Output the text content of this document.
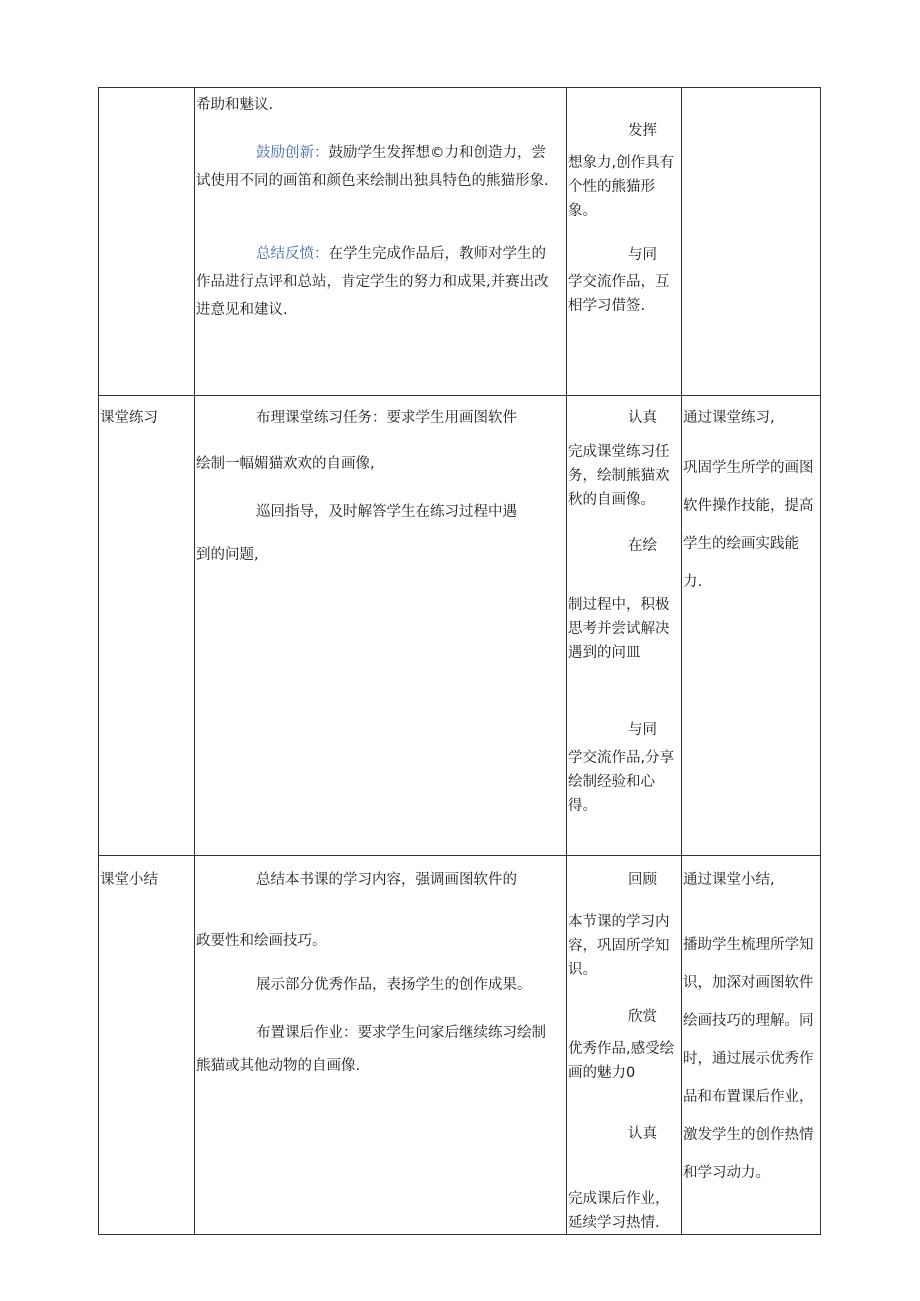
希助和魅议.
鼓励创新：鼓励学生发挥想©力和创造力，尝试使用不同的画笛和颜色来绘制出独具特色的熊猫形象.
总结反愤：在学生完成作品后，教师对学生的作品进行点评和总站，肯定学生的努力和成果,并赛出改进意见和建议.
发挥
想象力,创作具有个性的熊猫形象。
与同
学交流作品，互相学习借签.
课堂练习	布理课堂练习任务：要求学生用画图软件
绘制一幅媚猫欢欢的自画像,
巡回指导，及时解答学生在练习过程中遇
到的问题,
认真
完成课堂练习任务，绘制熊猫欢秋的自画像。
在绘
制过程中，积极思考并尝试解决遇到的问皿
与同
学交流作品,分享绘制经验和心得。
通过课堂练习,
巩固学生所学的画图软件操作技能，提高学生的绘画实践能力.
课堂小结	总结本书课的学习内容，强调画图软件的
政要性和绘画技巧。
展示部分优秀作品，表扬学生的创作成果。
布置课后作业：要求学生问家后继续练习绘制
熊猫或其他动物的自画像.
回顾
本节课的学习内容，巩固所学知识。
欣赏
优秀作品,感受绘画的魅力0
认真
完成课后作业，延续学习热情.
通过课堂小结,
播助学生梳理所学知识，加深对画图软件绘画技巧的理解。同时，通过展示优秀作品和布置课后作业，激发学生的创作热情和学习动力。
